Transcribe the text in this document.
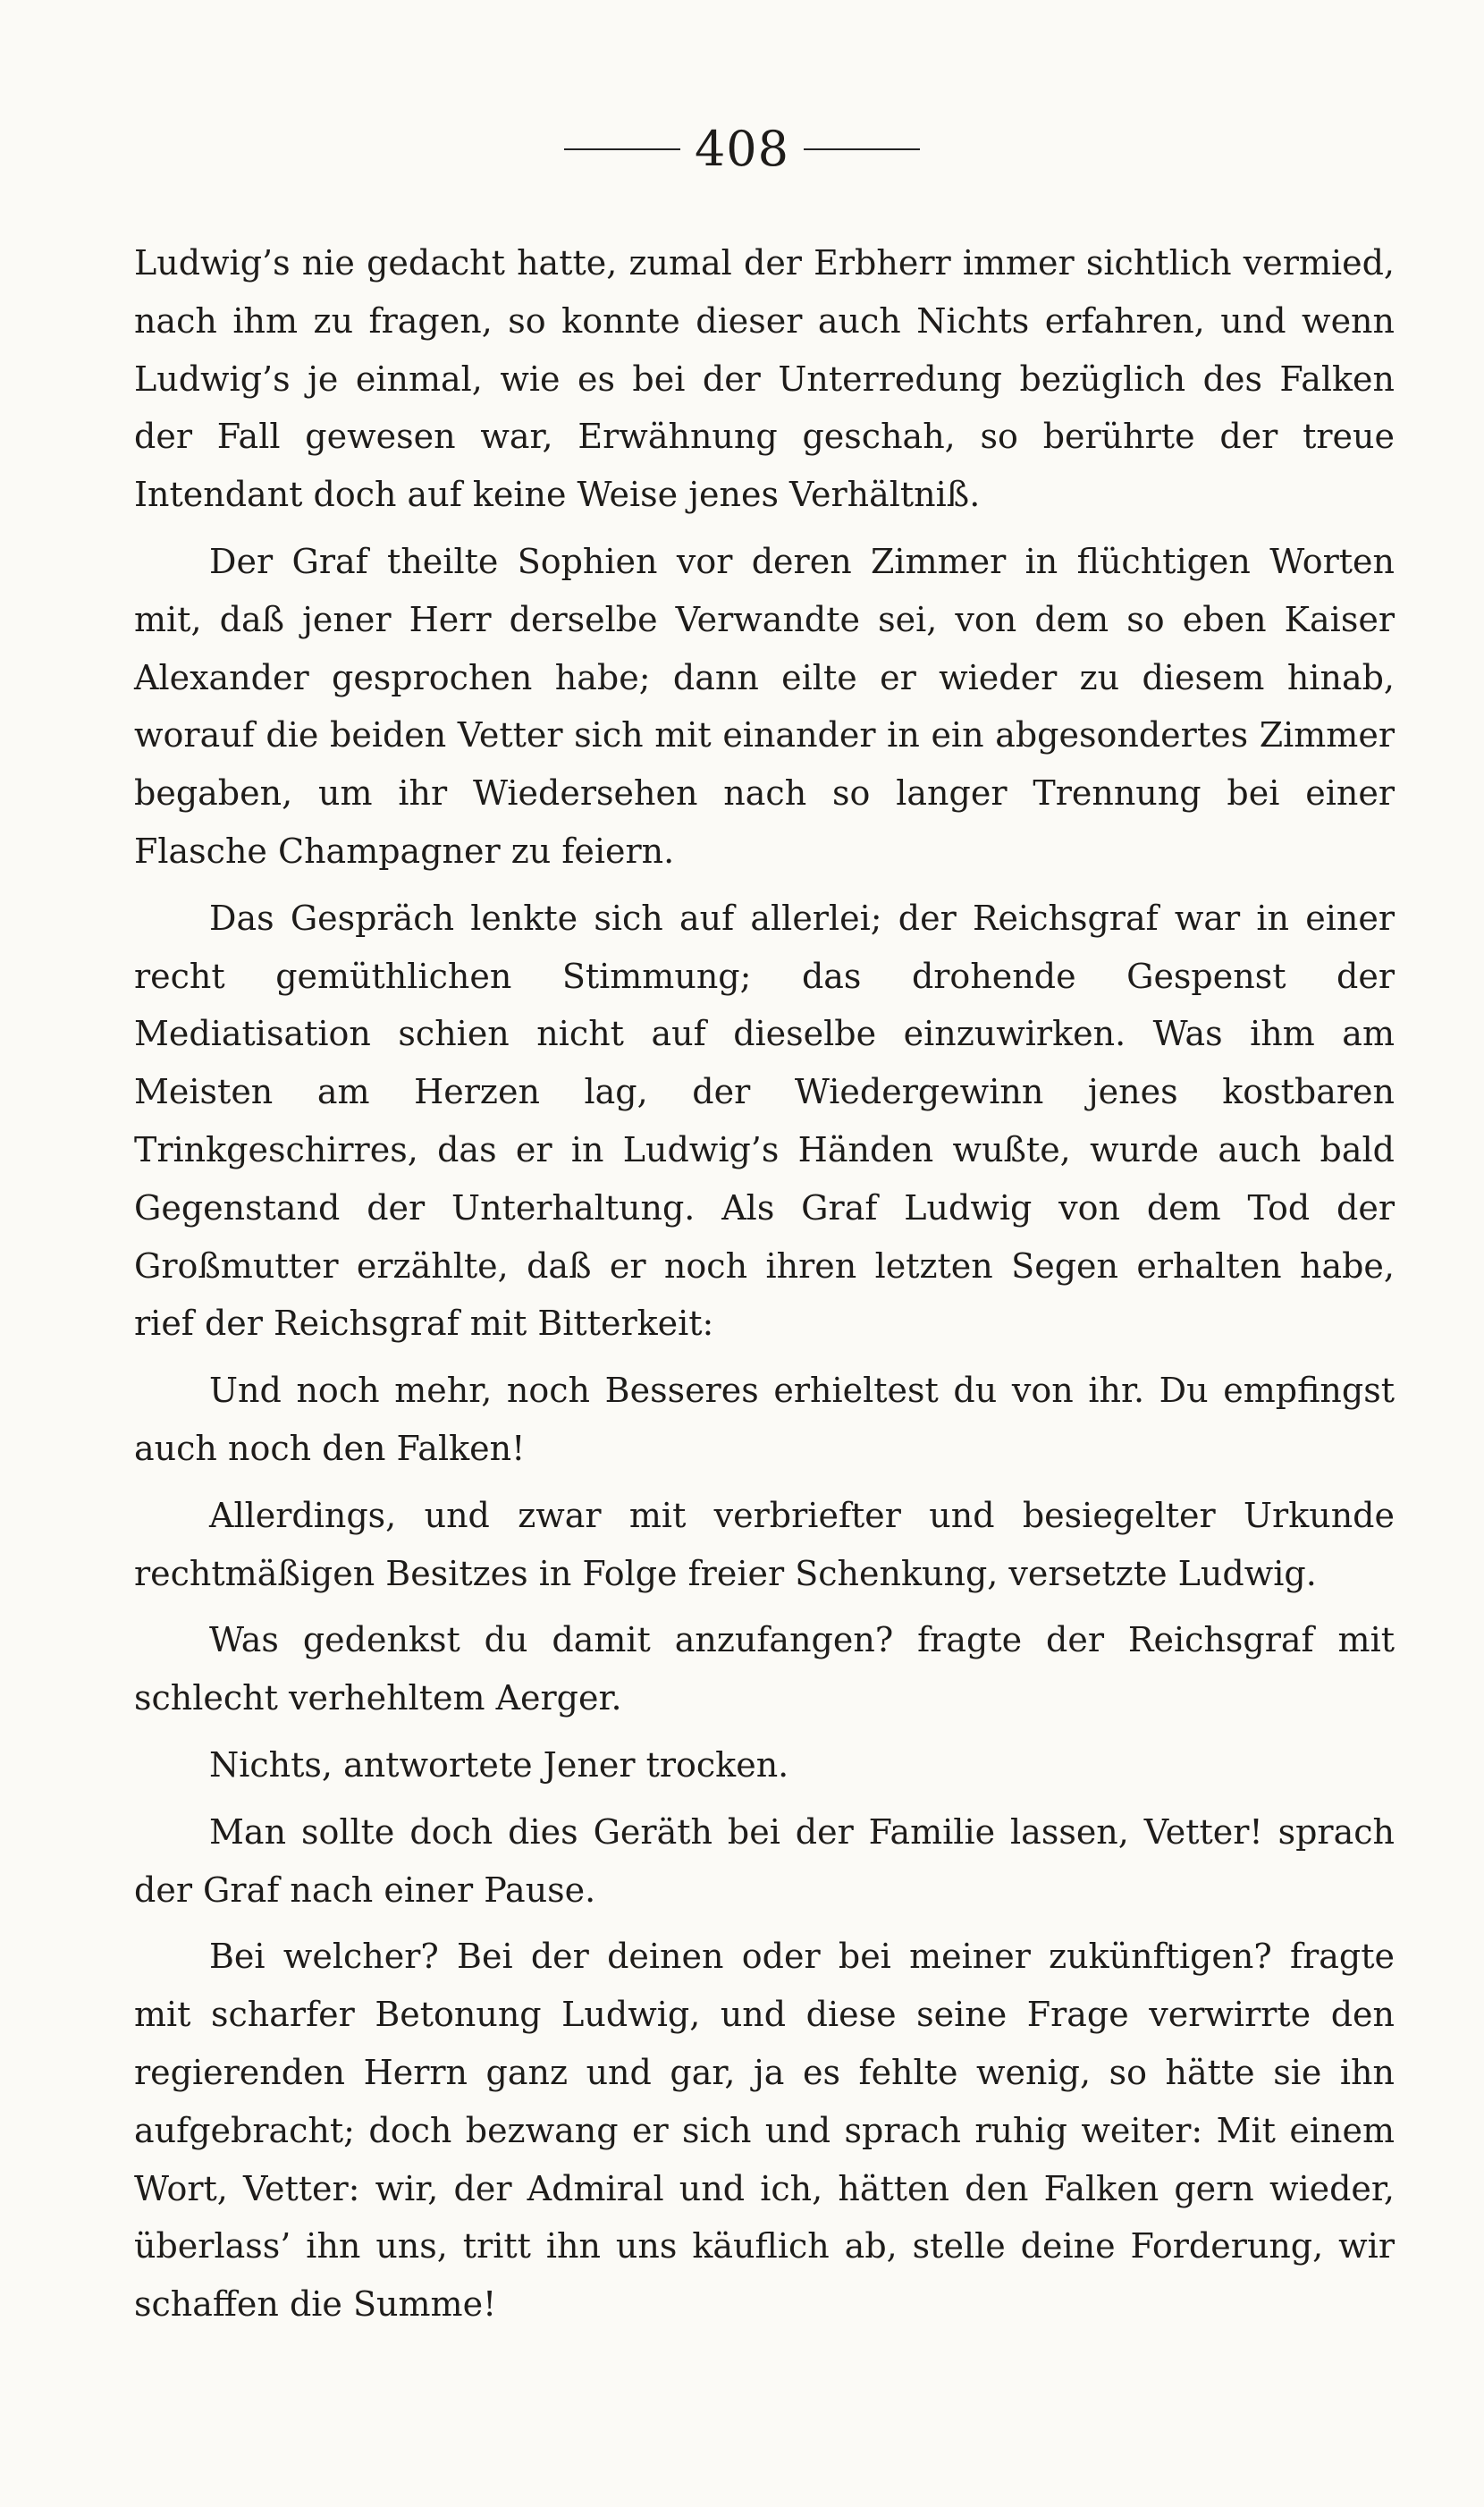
408

Ludwig’s nie gedacht hatte, zumal der Erbherr immer sichtlich vermied, nach ihm zu fragen, so konnte dieser auch Nichts erfahren, und wenn Ludwig’s je einmal, wie es bei der Unterredung bezüglich des Falken der Fall gewesen war, Erwähnung geschah, so berührte der treue Intendant doch auf keine Weise jenes Verhältniß.

Der Graf theilte Sophien vor deren Zimmer in flüchtigen Worten mit, daß jener Herr derselbe Verwandte sei, von dem so eben Kaiser Alexander gesprochen habe; dann eilte er wieder zu diesem hinab, worauf die beiden Vetter sich mit einander in ein abgesondertes Zimmer begaben, um ihr Wiedersehen nach so langer Trennung bei einer Flasche Champagner zu feiern.

Das Gespräch lenkte sich auf allerlei; der Reichsgraf war in einer recht gemüthlichen Stimmung; das drohende Gespenst der Mediatisation schien nicht auf dieselbe einzuwirken. Was ihm am Meisten am Herzen lag, der Wiedergewinn jenes kostbaren Trinkgeschirres, das er in Ludwig’s Händen wußte, wurde auch bald Gegenstand der Unterhaltung. Als Graf Ludwig von dem Tod der Großmutter erzählte, daß er noch ihren letzten Segen erhalten habe, rief der Reichsgraf mit Bitterkeit:

Und noch mehr, noch Besseres erhieltest du von ihr. Du empfingst auch noch den Falken!

Allerdings, und zwar mit verbriefter und besiegelter Urkunde rechtmäßigen Besitzes in Folge freier Schenkung, versetzte Ludwig.

Was gedenkst du damit anzufangen? fragte der Reichsgraf mit schlecht verhehltem Aerger.

Nichts, antwortete Jener trocken.

Man sollte doch dies Geräth bei der Familie lassen, Vetter! sprach der Graf nach einer Pause.

Bei welcher? Bei der deinen oder bei meiner zukünftigen? fragte mit scharfer Betonung Ludwig, und diese seine Frage verwirrte den regierenden Herrn ganz und gar, ja es fehlte wenig, so hätte sie ihn aufgebracht; doch bezwang er sich und sprach ruhig weiter: Mit einem Wort, Vetter: wir, der Admiral und ich, hätten den Falken gern wieder, überlass’ ihn uns, tritt ihn uns käuflich ab, stelle deine Forderung, wir schaffen die Summe!
